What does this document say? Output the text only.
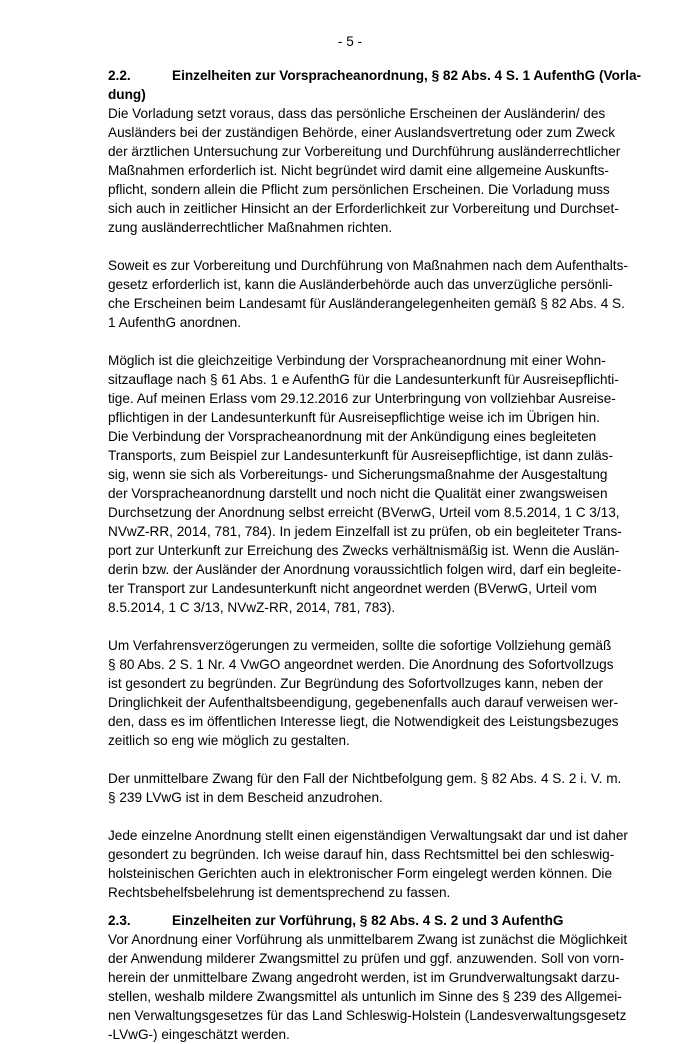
- 5 -
2.2.	Einzelheiten zur Vorspracheanordnung, § 82 Abs. 4 S. 1 AufenthG (Vorla-
dung)
Die Vorladung setzt voraus, dass das persönliche Erscheinen der Ausländerin/ des
Ausländers bei der zuständigen Behörde, einer Auslandsvertretung oder zum Zweck
der ärztlichen Untersuchung zur Vorbereitung und Durchführung ausländerrechtlicher
Maßnahmen erforderlich ist. Nicht begründet wird damit eine allgemeine Auskunfts-
pflicht, sondern allein die Pflicht zum persönlichen Erscheinen. Die Vorladung muss
sich auch in zeitlicher Hinsicht an der Erforderlichkeit zur Vorbereitung und Durchset-
zung ausländerrechtlicher Maßnahmen richten.
Soweit es zur Vorbereitung und Durchführung von Maßnahmen nach dem Aufenthalts-
gesetz erforderlich ist, kann die Ausländerbehörde auch das unverzügliche persönli-
che Erscheinen beim Landesamt für Ausländerangelegenheiten gemäß § 82 Abs. 4 S.
1 AufenthG anordnen.
Möglich ist die gleichzeitige Verbindung der Vorspracheanordnung mit einer Wohn-
sitzauflage nach § 61 Abs. 1 e AufenthG für die Landesunterkunft für Ausreisepflichti-
tige. Auf meinen Erlass vom 29.12.2016 zur Unterbringung von vollziehbar Ausreise-
pflichtigen in der Landesunterkunft für Ausreisepflichtige weise ich im Übrigen hin.
Die Verbindung der Vorspracheanordnung mit der Ankündigung eines begleiteten
Transports, zum Beispiel zur Landesunterkunft für Ausreisepflichtige, ist dann zuläs-
sig, wenn sie sich als Vorbereitungs- und Sicherungsmaßnahme der Ausgestaltung
der Vorspracheanordnung darstellt und noch nicht die Qualität einer zwangsweisen
Durchsetzung der Anordnung selbst erreicht (BVerwG, Urteil vom 8.5.2014, 1 C 3/13,
NVwZ-RR, 2014, 781, 784). In jedem Einzelfall ist zu prüfen, ob ein begleiteter Trans-
port zur Unterkunft zur Erreichung des Zwecks verhältnismäßig ist. Wenn die Auslän-
derin bzw. der Ausländer der Anordnung voraussichtlich folgen wird, darf ein begleite-
ter Transport zur Landesunterkunft nicht angeordnet werden (BVerwG, Urteil vom
8.5.2014, 1 C 3/13, NVwZ-RR, 2014, 781, 783).
Um Verfahrensverzögerungen zu vermeiden, sollte die sofortige Vollziehung gemäß
§ 80 Abs. 2 S. 1 Nr. 4 VwGO angeordnet werden. Die Anordnung des Sofortvollzugs
ist gesondert zu begründen. Zur Begründung des Sofortvollzuges kann, neben der
Dringlichkeit der Aufenthaltsbeendigung, gegebenenfalls auch darauf verweisen wer-
den, dass es im öffentlichen Interesse liegt, die Notwendigkeit des Leistungsbezuges
zeitlich so eng wie möglich zu gestalten.
Der unmittelbare Zwang für den Fall der Nichtbefolgung gem. § 82 Abs. 4 S. 2 i. V. m.
§ 239 LVwG ist in dem Bescheid anzudrohen.
Jede einzelne Anordnung stellt einen eigenständigen Verwaltungsakt dar und ist daher
gesondert zu begründen. Ich weise darauf hin, dass Rechtsmittel bei den schleswig-
holsteinischen Gerichten auch in elektronischer Form eingelegt werden können. Die
Rechtsbehelfsbelehrung ist dementsprechend zu fassen.
2.3.	Einzelheiten zur Vorführung, § 82 Abs. 4 S. 2 und 3 AufenthG
Vor Anordnung einer Vorführung als unmittelbarem Zwang ist zunächst die Möglichkeit
der Anwendung milderer Zwangsmittel zu prüfen und ggf. anzuwenden. Soll von vorn-
herein der unmittelbare Zwang angedroht werden, ist im Grundverwaltungsakt darzu-
stellen, weshalb mildere Zwangsmittel als untunlich im Sinne des § 239 des Allgemei-
nen Verwaltungsgesetzes für das Land Schleswig-Holstein (Landesverwaltungsgesetz
-LVwG-) eingeschätzt werden.
